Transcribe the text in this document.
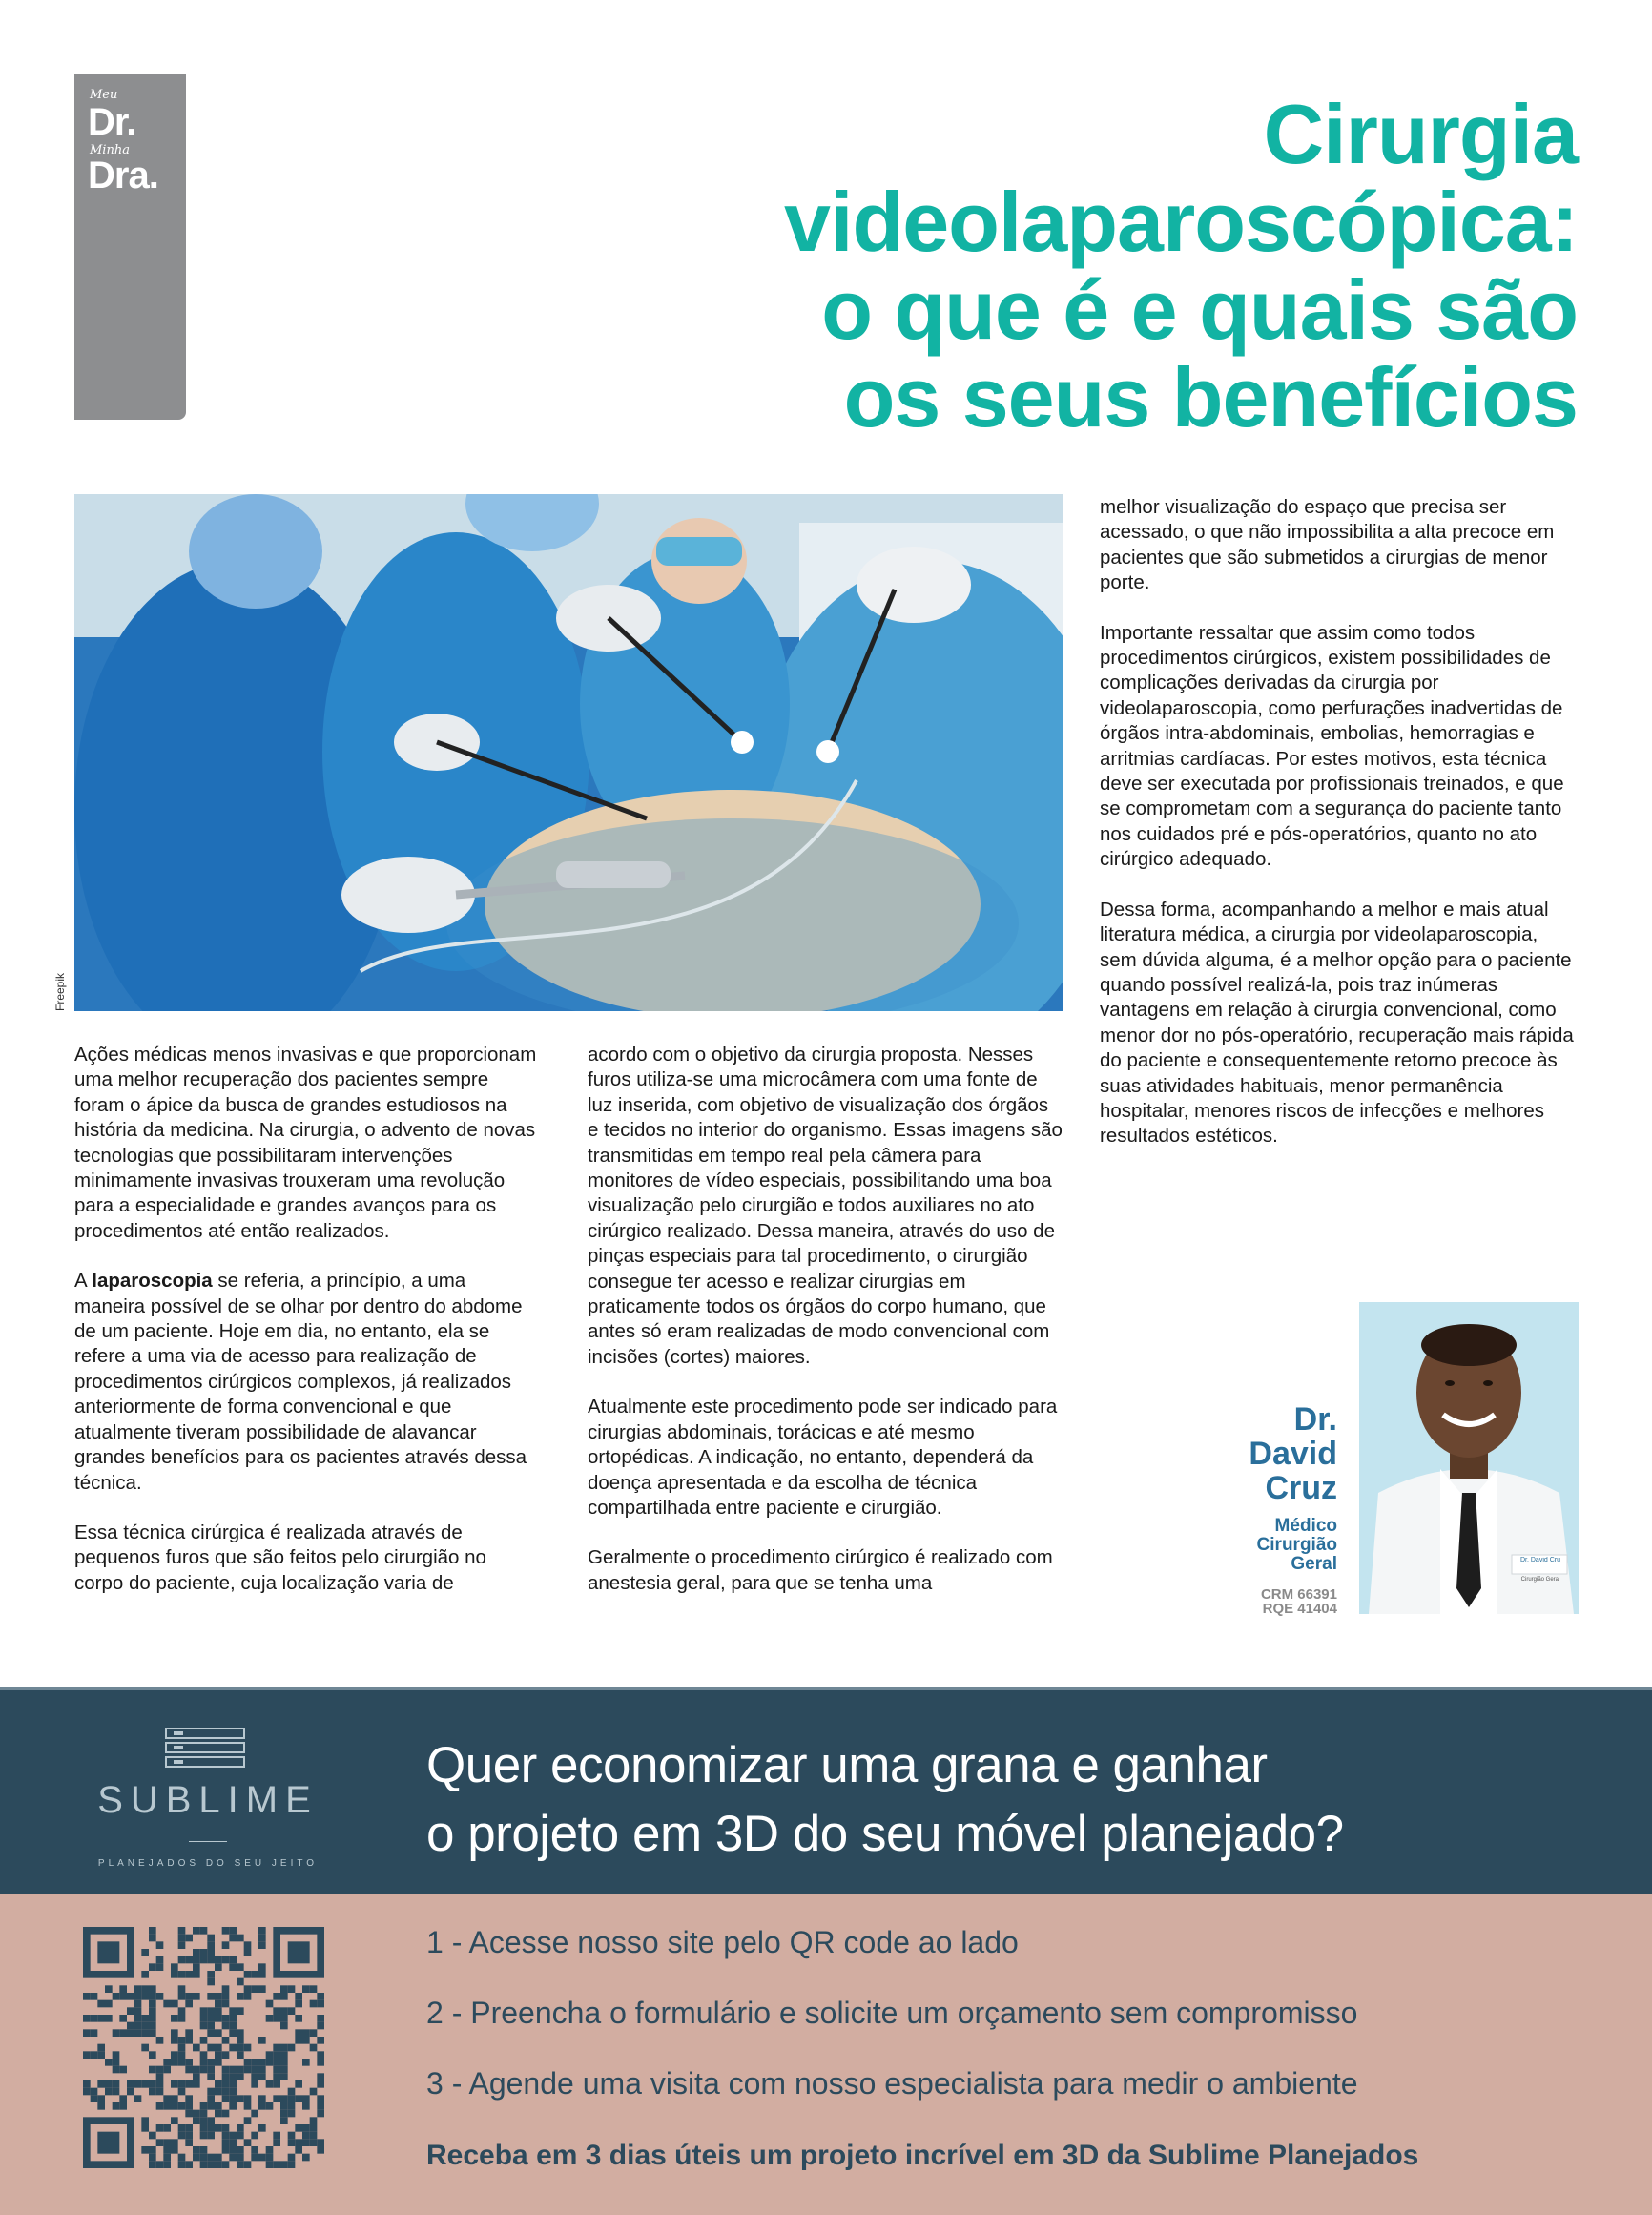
Meu
Dr.
Minha
Dra.	Cirurgia
videolaparoscópica:
o que é e quais são
os seus benefícios
Freepik

Ações médicas menos invasivas e que proporcionam uma melhor recuperação dos pacientes sempre foram o ápice da busca de grandes estudiosos na história da medicina. Na cirurgia, o advento de novas tecnologias que possibilitaram intervenções minimamente invasivas trouxeram uma revolução para a especialidade e grandes avanços para os procedimentos até então realizados.

A laparoscopia se referia, a princípio, a uma maneira possível de se olhar por dentro do abdome de um paciente. Hoje em dia, no entanto, ela se refere a uma via de acesso para realização de procedimentos cirúrgicos complexos, já realizados anteriormente de forma convencional e que atualmente tiveram possibilidade de alavancar grandes benefícios para os pacientes através dessa técnica.

Essa técnica cirúrgica é realizada através de pequenos furos que são feitos pelo cirurgião no corpo do paciente, cuja localização varia de

acordo com o objetivo da cirurgia proposta. Nesses furos utiliza-se uma microcâmera com uma fonte de luz inserida, com objetivo de visualização dos órgãos e tecidos no interior do organismo. Essas imagens são transmitidas em tempo real pela câmera para monitores de vídeo especiais, possibilitando uma boa visualização pelo cirurgião e todos auxiliares no ato cirúrgico realizado. Dessa maneira, através do uso de pinças especiais para tal procedimento, o cirurgião consegue ter acesso e realizar cirurgias em praticamente todos os órgãos do corpo humano, que antes só eram realizadas de modo convencional com incisões (cortes) maiores.

Atualmente este procedimento pode ser indicado para cirurgias abdominais, torácicas e até mesmo ortopédicas. A indicação, no entanto, dependerá da doença apresentada e da escolha de técnica compartilhada entre paciente e cirurgião.

Geralmente o procedimento cirúrgico é realizado com anestesia geral, para que se tenha uma

melhor visualização do espaço que precisa ser acessado, o que não impossibilita a alta precoce em pacientes que são submetidos a cirurgias de menor porte.

Importante ressaltar que assim como todos procedimentos cirúrgicos, existem possibilidades de complicações derivadas da cirurgia por videolaparoscopia, como perfurações inadvertidas de órgãos intra-abdominais, embolias, hemorragias e arritmias cardíacas. Por estes motivos, esta técnica deve ser executada por profissionais treinados, e que se comprometam com a segurança do paciente tanto nos cuidados pré e pós-operatórios, quanto no ato cirúrgico adequado.

Dessa forma, acompanhando a melhor e mais atual literatura médica, a cirurgia por videolaparoscopia, sem dúvida alguma, é a melhor opção para o paciente quando possível realizá-la, pois traz inúmeras vantagens em relação à cirurgia convencional, como menor dor no pós-operatório, recuperação mais rápida do paciente e consequentemente retorno precoce às suas atividades habituais, menor permanência hospitalar, menores riscos de infecções e melhores resultados estéticos.

Dr.
David
Cruz
Médico
Cirurgião
Geral
CRM 66391
RQE 41404
Dr. David Cru
Cirurgião Geral
SUBLIME
PLANEJADOS DO SEU JEITO
Quer economizar uma grana e ganhar
o projeto em 3D do seu móvel planejado?
1 - Acesse nosso site pelo QR code ao lado
2 - Preencha o formulário e solicite um orçamento sem compromisso
3 - Agende uma visita com nosso especialista para medir o ambiente
Receba em 3 dias úteis um projeto incrível em 3D da Sublime Planejados
